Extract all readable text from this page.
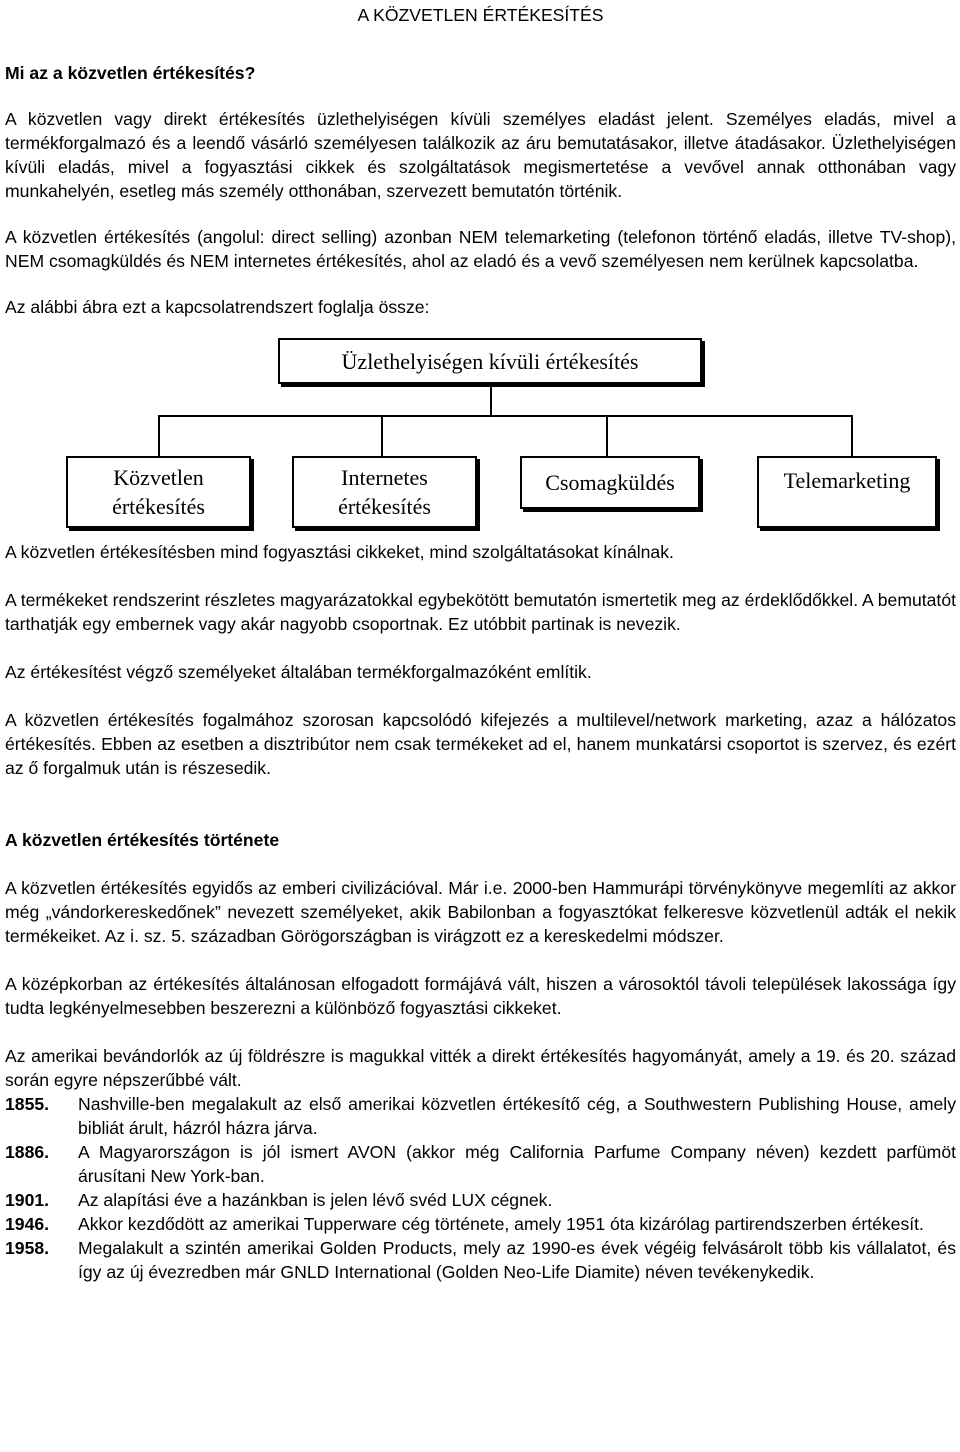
A KÖZVETLEN ÉRTÉKESÍTÉS

Mi az a közvetlen értékesítés?

A közvetlen vagy direkt értékesítés üzlethelyiségen kívüli személyes eladást jelent. Személyes eladás, mivel a termékforgalmazó és a leendő vásárló személyesen találkozik az áru bemutatásakor, illetve átadásakor. Üzlethelyiségen kívüli eladás, mivel a fogyasztási cikkek és szolgáltatások megismertetése a vevővel annak otthonában vagy munkahelyén, esetleg más személy otthonában, szervezett bemutatón történik.

A közvetlen értékesítés (angolul: direct selling) azonban NEM telemarketing (telefonon történő eladás, illetve TV-shop), NEM csomagküldés és NEM internetes értékesítés, ahol az eladó és a vevő személyesen nem kerülnek kapcsolatba.

Az alábbi ábra ezt a kapcsolatrendszert foglalja össze:

Üzlethelyiségen kívüli értékesítés
Közvetlen
értékesítés
Internetes
értékesítés
Csomagküldés	Telemarketing

A közvetlen értékesítésben mind fogyasztási cikkeket, mind szolgáltatásokat kínálnak.

A termékeket rendszerint részletes magyarázatokkal egybekötött bemutatón ismertetik meg az érdeklődőkkel. A bemutatót tarthatják egy embernek vagy akár nagyobb csoportnak. Ez utóbbit partinak is nevezik.

Az értékesítést végző személyeket általában termékforgalmazóként említik.

A közvetlen értékesítés fogalmához szorosan kapcsolódó kifejezés a multilevel/network marketing, azaz a hálózatos értékesítés. Ebben az esetben a disztribútor nem csak termékeket ad el, hanem munkatársi csoportot is szervez, és ezért az ő forgalmuk után is részesedik.

A közvetlen értékesítés története

A közvetlen értékesítés egyidős az emberi civilizációval. Már i.e. 2000-ben Hammurápi törvénykönyve megemlíti az akkor még „vándorkereskedőnek” nevezett személyeket, akik Babilonban a fogyasztókat felkeresve közvetlenül adták el nekik termékeiket. Az i. sz. 5. században Görögországban is virágzott ez a kereskedelmi módszer.

A középkorban az értékesítés általánosan elfogadott formájává vált, hiszen a városoktól távoli települések lakossága így tudta legkényelmesebben beszerezni a különböző fogyasztási cikkeket.

Az amerikai bevándorlók az új földrészre is magukkal vitték a direkt értékesítés hagyományát, amely a 19. és 20. század során egyre népszerűbbé vált.

1855.	Nashville-ben megalakult az első amerikai közvetlen értékesítő cég, a Southwestern Publishing House, amely bibliát árult, házról házra járva.
1886.	A Magyarországon is jól ismert AVON (akkor még California Parfume Company néven) kezdett parfümöt árusítani New York-ban.
1901.	Az alapítási éve a hazánkban is jelen lévő svéd LUX cégnek.
1946.	Akkor kezdődött az amerikai Tupperware cég története, amely 1951 óta kizárólag partirendszerben értékesít.
1958.	Megalakult a szintén amerikai Golden Products, mely az 1990-es évek végéig felvásárolt több kis vállalatot, és így az új évezredben már GNLD International (Golden Neo-Life Diamite) néven tevékenykedik.
